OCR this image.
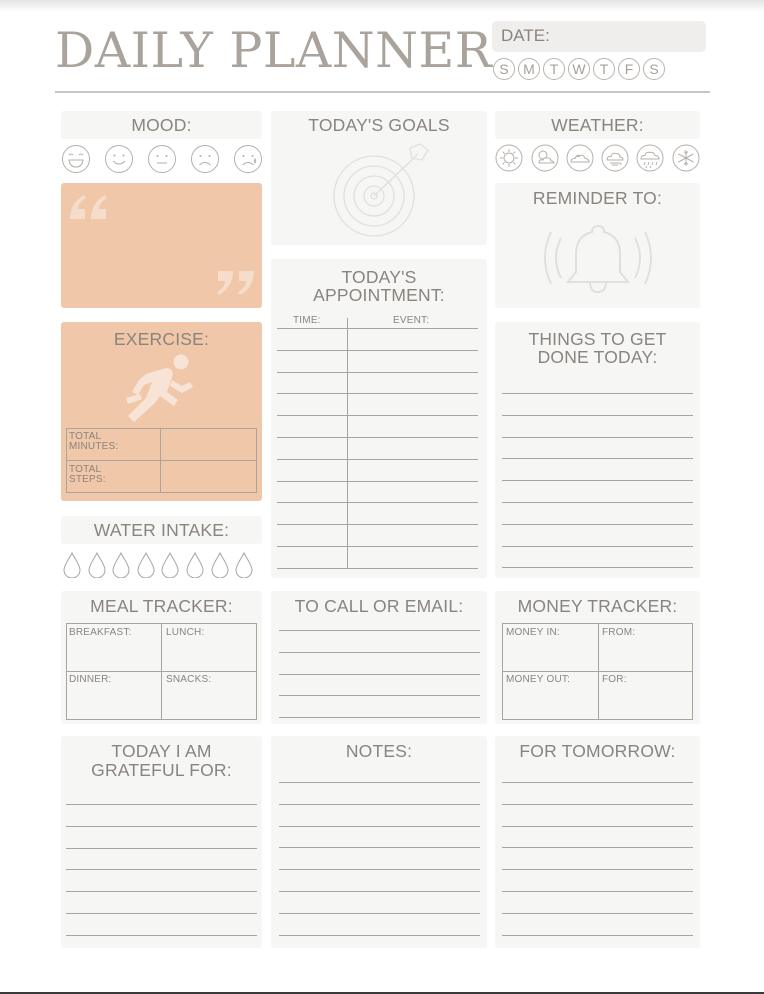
DAILY PLANNER DATE:
S	M	T	W	T	F	S
MOOD:	TODAY'S GOALS	WEATHER:
REMINDER TO:
TODAY'S
APPOINTMENT:
TIME:	EVENT:
EXERCISE:
TOTAL
MINUTES:
TOTAL
STEPS:
THINGS TO GET
DONE TODAY:
WATER INTAKE:
MEAL TRACKER:
BREAKFAST:	LUNCH:
DINNER:	SNACKS:
TO CALL OR EMAIL:	MONEY TRACKER:
MONEY IN:	FROM:
MONEY OUT:	FOR:
TODAY I AM
GRATEFUL FOR:
NOTES:	FOR TOMORROW:
